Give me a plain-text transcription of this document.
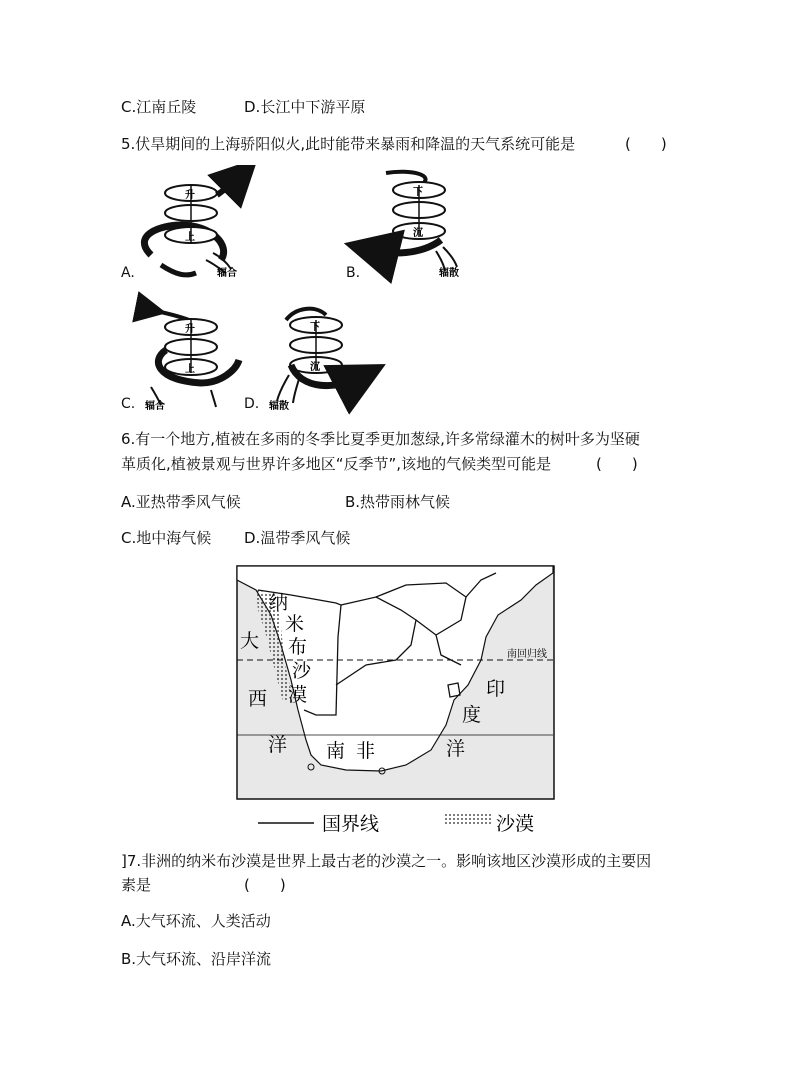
C.江南丘陵	D.长江中下游平原
5.伏旱期间的上海骄阳似火,此时能带来暴雨和降温的天气系统可能是	(　　)
升
上
辐合
下
沉
辐散
升
上
辐合
下
沉
辐散
A.	B.
C.	D.
6.有一个地方,植被在多雨的冬季比夏季更加葱绿,许多常绿灌木的树叶多为坚硬
革质化,植被景观与世界许多地区“反季节”,该地的气候类型可能是	(　　)
A.亚热带季风气候	B.热带雨林气候
C.地中海气候 D.温带季风气候
纳
米
布
沙
漠
大
西
洋 南 非
印
度
洋
南回归线
国界线	沙漠
]7.非洲的纳米布沙漠是世界上最古老的沙漠之一。影响该地区沙漠形成的主要因
素是	(　　)
A.大气环流、人类活动
B.大气环流、沿岸洋流
